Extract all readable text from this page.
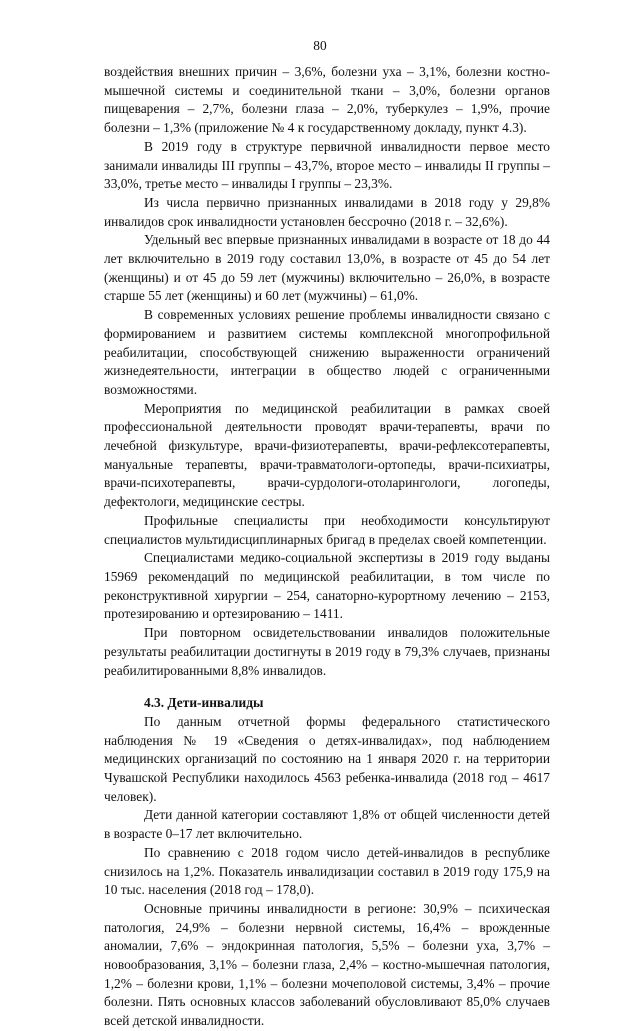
80

воздействия внешних причин – 3,6%, болезни уха – 3,1%, болезни костно-мышечной системы и соединительной ткани – 3,0%, болезни органов пищеварения – 2,7%, болезни глаза – 2,0%, туберкулез – 1,9%, прочие болезни – 1,3% (приложение № 4 к государственному докладу, пункт 4.3).

В 2019 году в структуре первичной инвалидности первое место занимали инвалиды III группы – 43,7%, второе место – инвалиды II группы – 33,0%, третье место – инвалиды I группы – 23,3%.

Из числа первично признанных инвалидами в 2018 году у 29,8% инвалидов срок инвалидности установлен бессрочно (2018 г. – 32,6%).

Удельный вес впервые признанных инвалидами в возрасте от 18 до 44 лет включительно в 2019 году составил 13,0%, в возрасте от 45 до 54 лет (женщины) и от 45 до 59 лет (мужчины) включительно – 26,0%, в возрасте старше 55 лет (женщины) и 60 лет (мужчины) – 61,0%.

В современных условиях решение проблемы инвалидности связано с формированием и развитием системы комплексной многопрофильной реабилитации, способствующей снижению выраженности ограничений жизнедеятельности, интеграции в общество людей с ограниченными возможностями.

Мероприятия по медицинской реабилитации в рамках своей профессиональной деятельности проводят врачи-терапевты, врачи по лечебной физкультуре, врачи-физиотерапевты, врачи-рефлексотерапевты, мануальные терапевты, врачи-травматологи-ортопеды, врачи-психиатры, врачи-психотерапевты, врачи-сурдологи-отоларингологи, логопеды, дефектологи, медицинские сестры.

Профильные специалисты при необходимости консультируют специалистов мультидисциплинарных бригад в пределах своей компетенции.

Специалистами медико-социальной экспертизы в 2019 году выданы 15969 рекомендаций по медицинской реабилитации, в том числе по реконструктивной хирургии – 254, санаторно-курортному лечению – 2153, протезированию и ортезированию – 1411.

При повторном освидетельствовании инвалидов положительные результаты реабилитации достигнуты в 2019 году в 79,3% случаев, признаны реабилитированными 8,8% инвалидов.

4.3. Дети-инвалиды

По данным отчетной формы федерального статистического наблюдения № 19 «Сведения о детях-инвалидах», под наблюдением медицинских организаций по состоянию на 1 января 2020 г. на территории Чувашской Республики находилось 4563 ребенка-инвалида (2018 год – 4617 человек).

Дети данной категории составляют 1,8% от общей численности детей в возрасте 0–17 лет включительно.

По сравнению с 2018 годом число детей-инвалидов в республике снизилось на 1,2%. Показатель инвалидизации составил в 2019 году 175,9 на 10 тыс. населения (2018 год – 178,0).

Основные причины инвалидности в регионе: 30,9% – психическая патология, 24,9% – болезни нервной системы, 16,4% – врожденные аномалии, 7,6% – эндокринная патология, 5,5% – болезни уха, 3,7% – новообразования, 3,1% – болезни глаза, 2,4% – костно-мышечная патология, 1,2% – болезни крови, 1,1% – болезни мочеполовой системы, 3,4% – прочие болезни. Пять основных классов заболеваний обусловливают 85,0% случаев всей детской инвалидности.
